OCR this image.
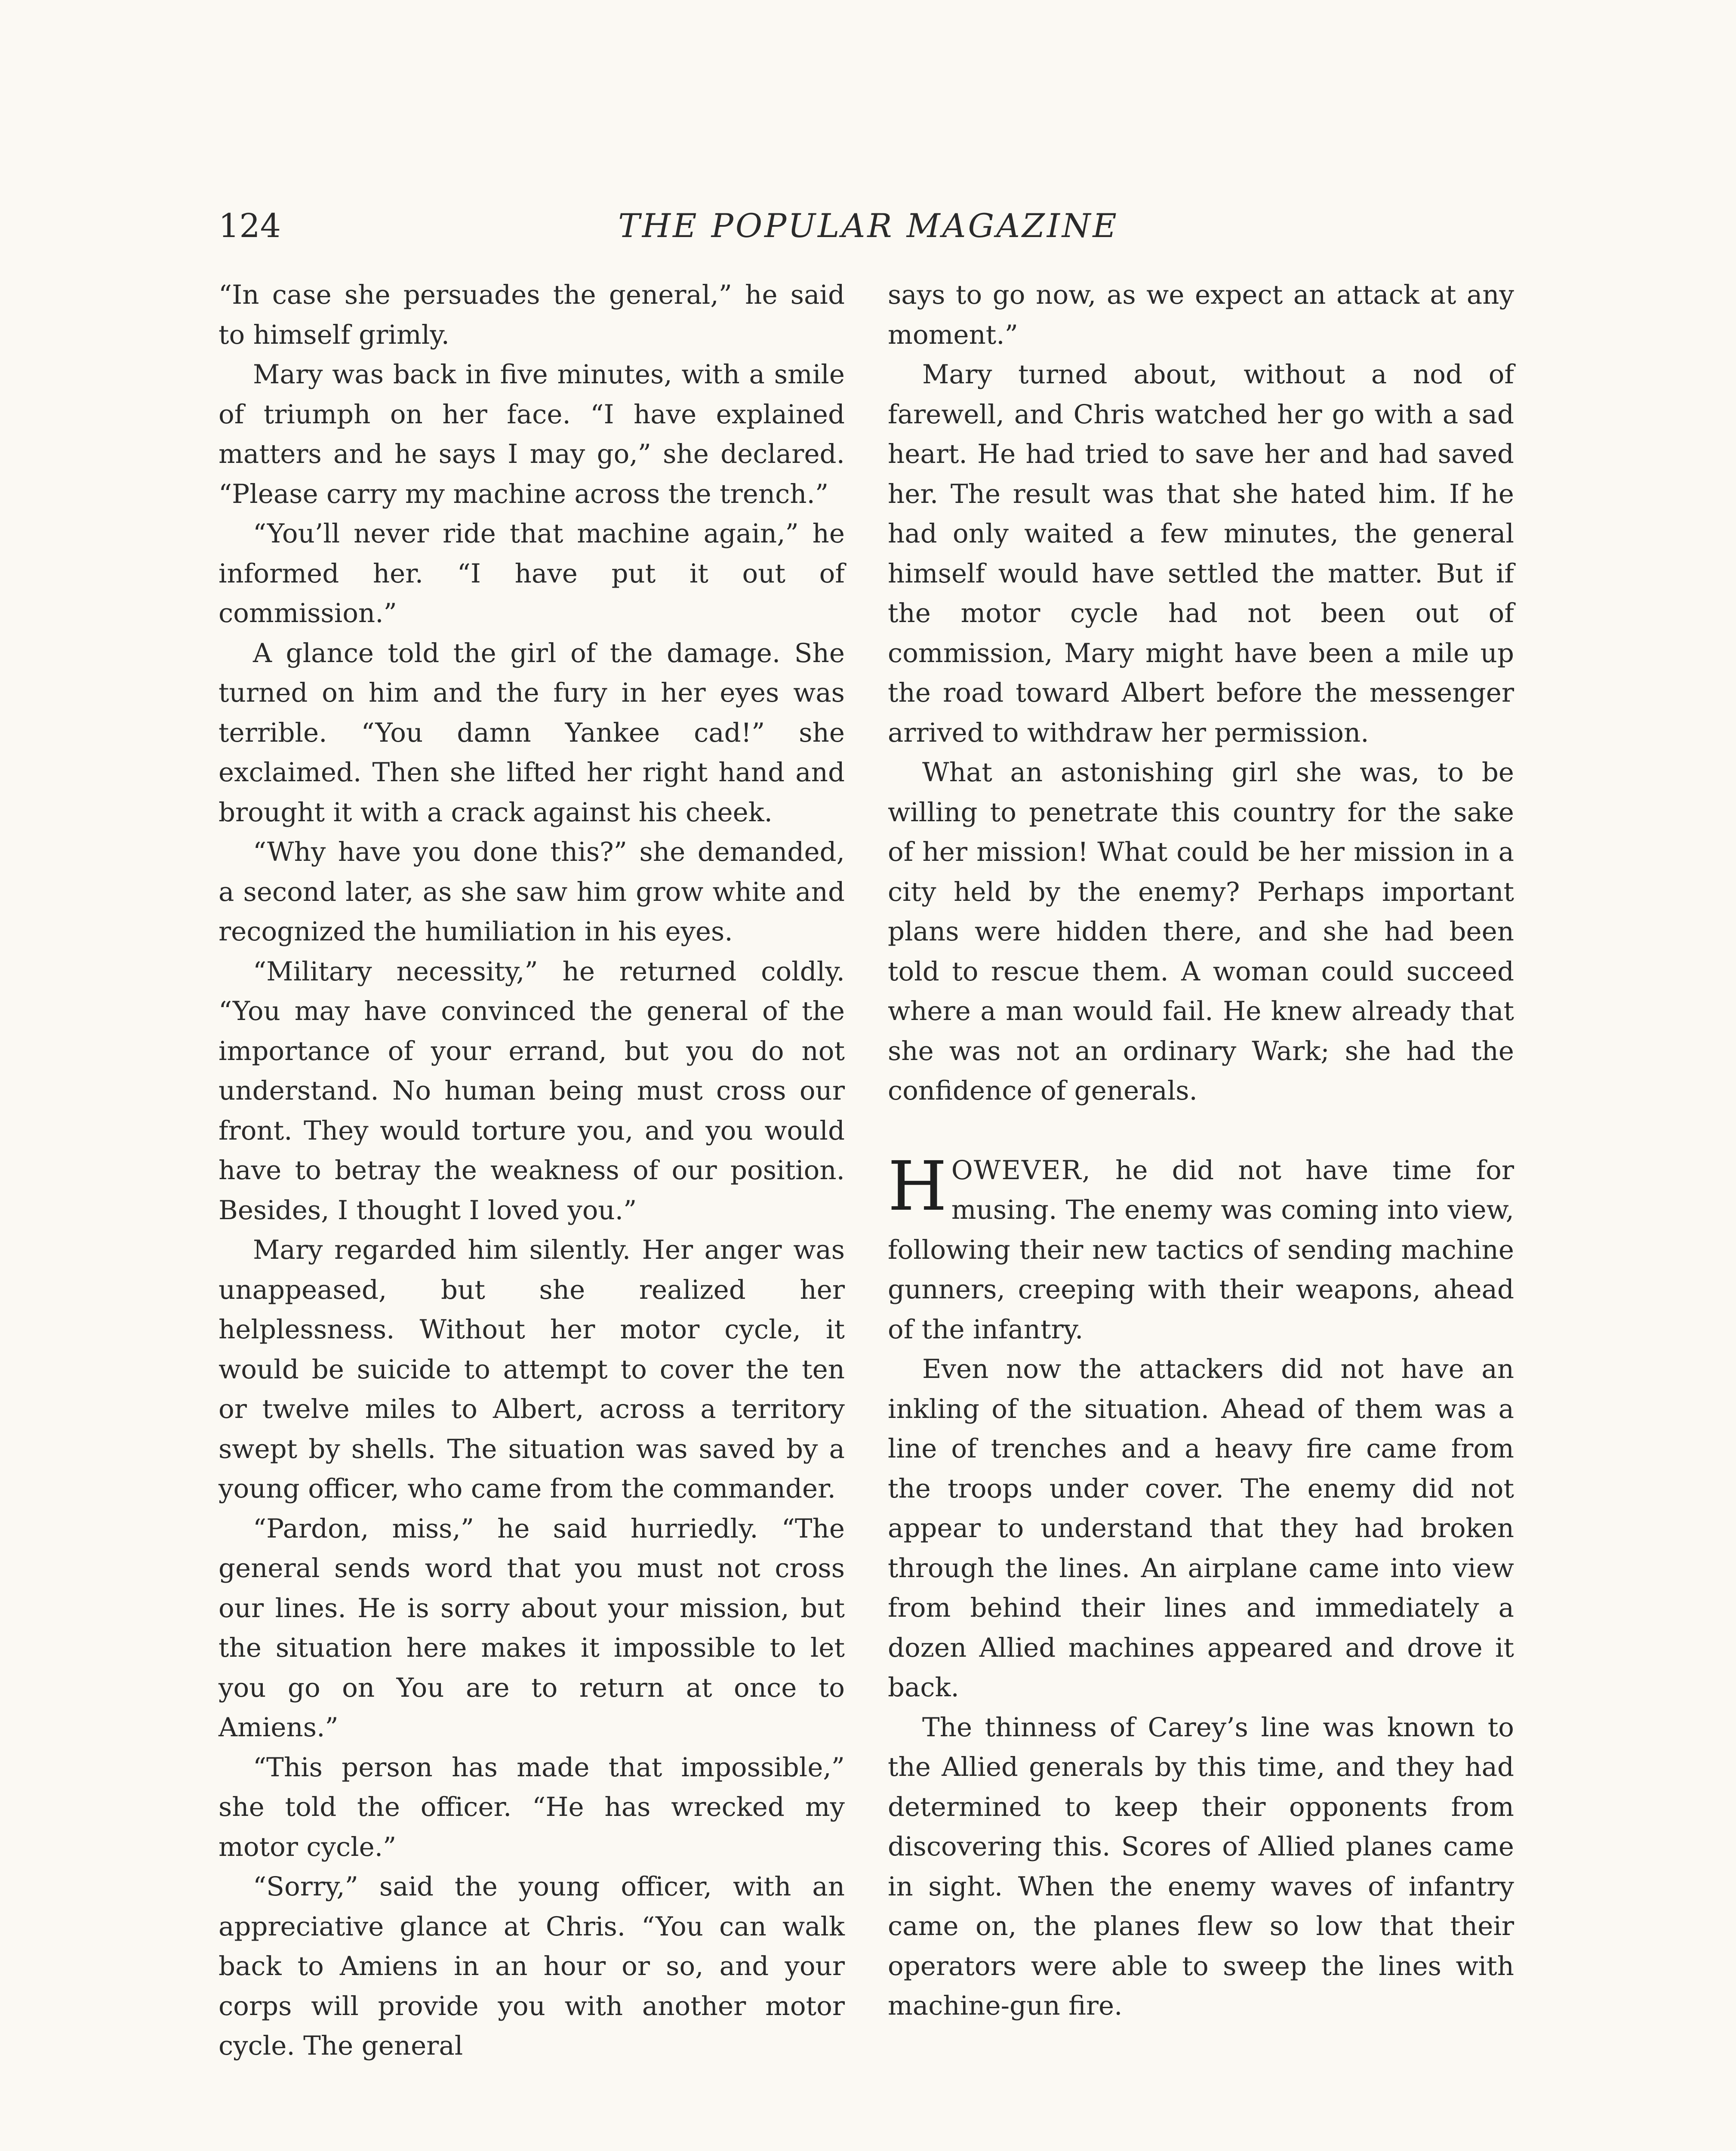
124	THE POPULAR MAGAZINE

“In case she persuades the general,” he said to himself grimly.

Mary was back in five minutes, with a smile of triumph on her face. “I have explained matters and he says I may go,” she declared. “Please carry my machine across the trench.”

“You’ll never ride that machine again,” he informed her. “I have put it out of commission.”

A glance told the girl of the damage. She turned on him and the fury in her eyes was terrible. “You damn Yankee cad!” she exclaimed. Then she lifted her right hand and brought it with a crack against his cheek.

“Why have you done this?” she demanded, a second later, as she saw him grow white and recognized the humiliation in his eyes.

“Military necessity,” he returned coldly. “You may have convinced the general of the importance of your errand, but you do not understand. No human being must cross our front. They would torture you, and you would have to betray the weakness of our position. Besides, I thought I loved you.”

Mary regarded him silently. Her anger was unappeased, but she realized her helplessness. Without her motor cycle, it would be suicide to attempt to cover the ten or twelve miles to Albert, across a territory swept by shells. The situation was saved by a young officer, who came from the commander.

“Pardon, miss,” he said hurriedly. “The general sends word that you must not cross our lines. He is sorry about your mission, but the situation here makes it impossible to let you go on You are to return at once to Amiens.”

“This person has made that impossible,” she told the officer. “He has wrecked my motor cycle.”

“Sorry,” said the young officer, with an appreciative glance at Chris. “You can walk back to Amiens in an hour or so, and your corps will provide you with another motor cycle. The general

says to go now, as we expect an attack at any moment.”

Mary turned about, without a nod of farewell, and Chris watched her go with a sad heart. He had tried to save her and had saved her. The result was that she hated him. If he had only waited a few minutes, the general himself would have settled the matter. But if the motor cycle had not been out of commission, Mary might have been a mile up the road toward Albert before the messenger arrived to withdraw her permission.

What an astonishing girl she was, to be willing to penetrate this country for the sake of her mission! What could be her mission in a city held by the enemy? Perhaps important plans were hidden there, and she had been told to rescue them. A woman could succeed where a man would fail. He knew already that she was not an ordinary Wark; she had the confidence of generals.

HOWEVER, he did not have time for musing. The enemy was coming into view, following their new tactics of sending machine gunners, creeping with their weapons, ahead of the infantry.

Even now the attackers did not have an inkling of the situation. Ahead of them was a line of trenches and a heavy fire came from the troops under cover. The enemy did not appear to understand that they had broken through the lines. An airplane came into view from behind their lines and immediately a dozen Allied machines appeared and drove it back.

The thinness of Carey’s line was known to the Allied generals by this time, and they had determined to keep their opponents from discovering this. Scores of Allied planes came in sight. When the enemy waves of infantry came on, the planes flew so low that their operators were able to sweep the lines with machine-gun fire.
